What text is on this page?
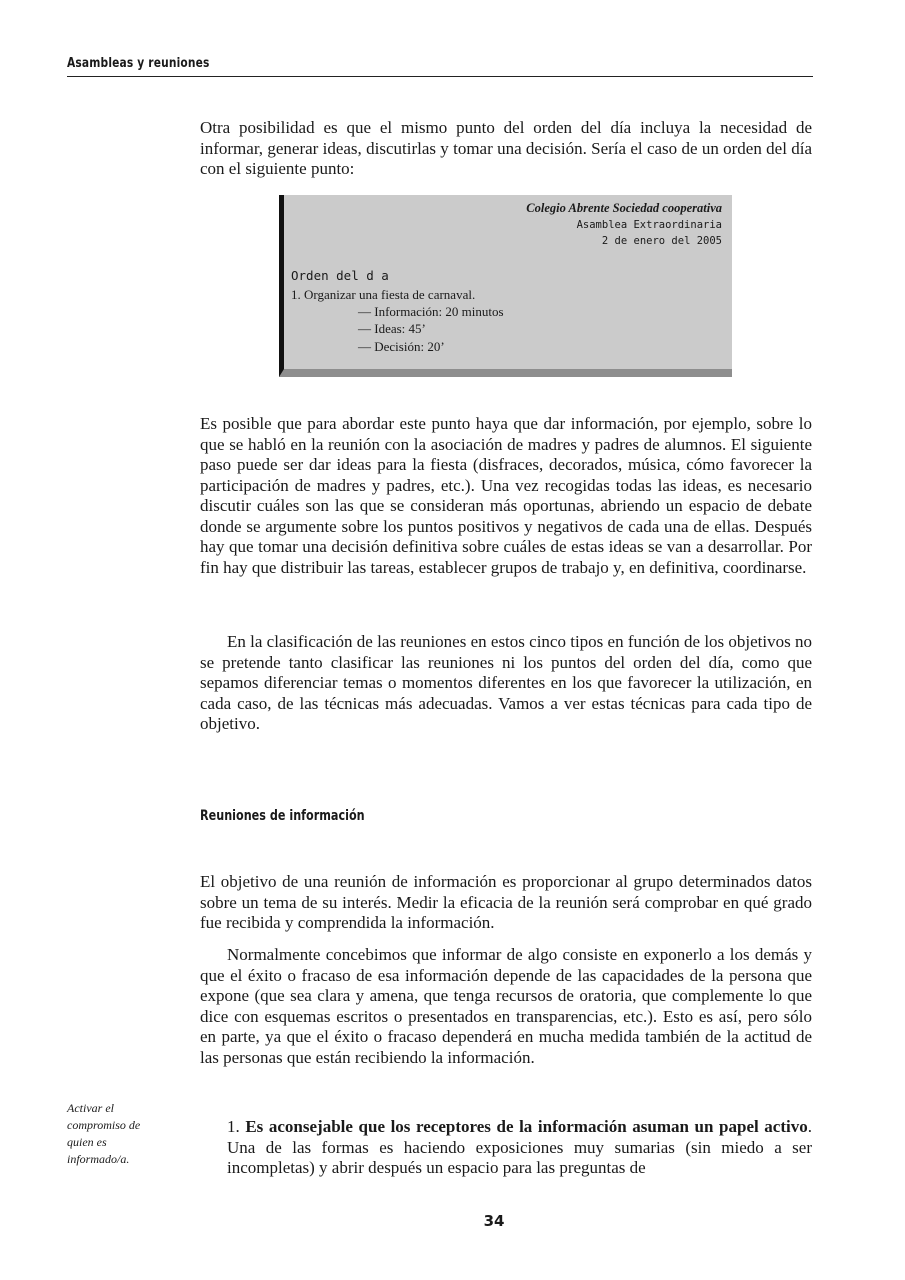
Asambleas y reuniones

Otra posibilidad es que el mismo punto del orden del día incluya la necesidad de informar, generar ideas, discutirlas y tomar una decisión. Sería el caso de un orden del día con el siguiente punto:

Colegio Abrente Sociedad cooperativa
Asamblea Extraordinaria
2 de enero del 2005
Orden del d a
1. Organizar una fiesta de carnaval.
— Información: 20 minutos
— Ideas: 45’
— Decisión: 20’

Es posible que para abordar este punto haya que dar información, por ejemplo, sobre lo que se habló en la reunión con la asociación de madres y padres de alumnos. El siguiente paso puede ser dar ideas para la fiesta (disfraces, decorados, música, cómo favorecer la participación de madres y padres, etc.). Una vez recogidas todas las ideas, es necesario discutir cuáles son las que se consideran más oportunas, abriendo un espacio de debate donde se argumente sobre los puntos positivos y negativos de cada una de ellas. Después hay que tomar una decisión definitiva sobre cuáles de estas ideas se van a desarrollar. Por fin hay que distribuir las tareas, establecer grupos de trabajo y, en definitiva, coordinarse.

En la clasificación de las reuniones en estos cinco tipos en función de los objetivos no se pretende tanto clasificar las reuniones ni los puntos del orden del día, como que sepamos diferenciar temas o momentos diferentes en los que favorecer la utilización, en cada caso, de las técnicas más adecuadas. Vamos a ver estas técnicas para cada tipo de objetivo.

Reuniones de información

El objetivo de una reunión de información es proporcionar al grupo determinados datos sobre un tema de su interés. Medir la eficacia de la reunión será comprobar en qué grado fue recibida y comprendida la información.

Normalmente concebimos que informar de algo consiste en exponerlo a los demás y que el éxito o fracaso de esa información depende de las capacidades de la persona que expone (que sea clara y amena, que tenga recursos de oratoria, que complemente lo que dice con esquemas escritos o presentados en transparencias, etc.). Esto es así, pero sólo en parte, ya que el éxito o fracaso dependerá en mucha medida también de la actitud de las personas que están recibiendo la información.

Activar el compromiso de quien es informado/a.
1. Es aconsejable que los receptores de la información asuman un papel activo. Una de las formas es haciendo exposiciones muy sumarias (sin miedo a ser incompletas) y abrir después un espacio para las preguntas de
34
